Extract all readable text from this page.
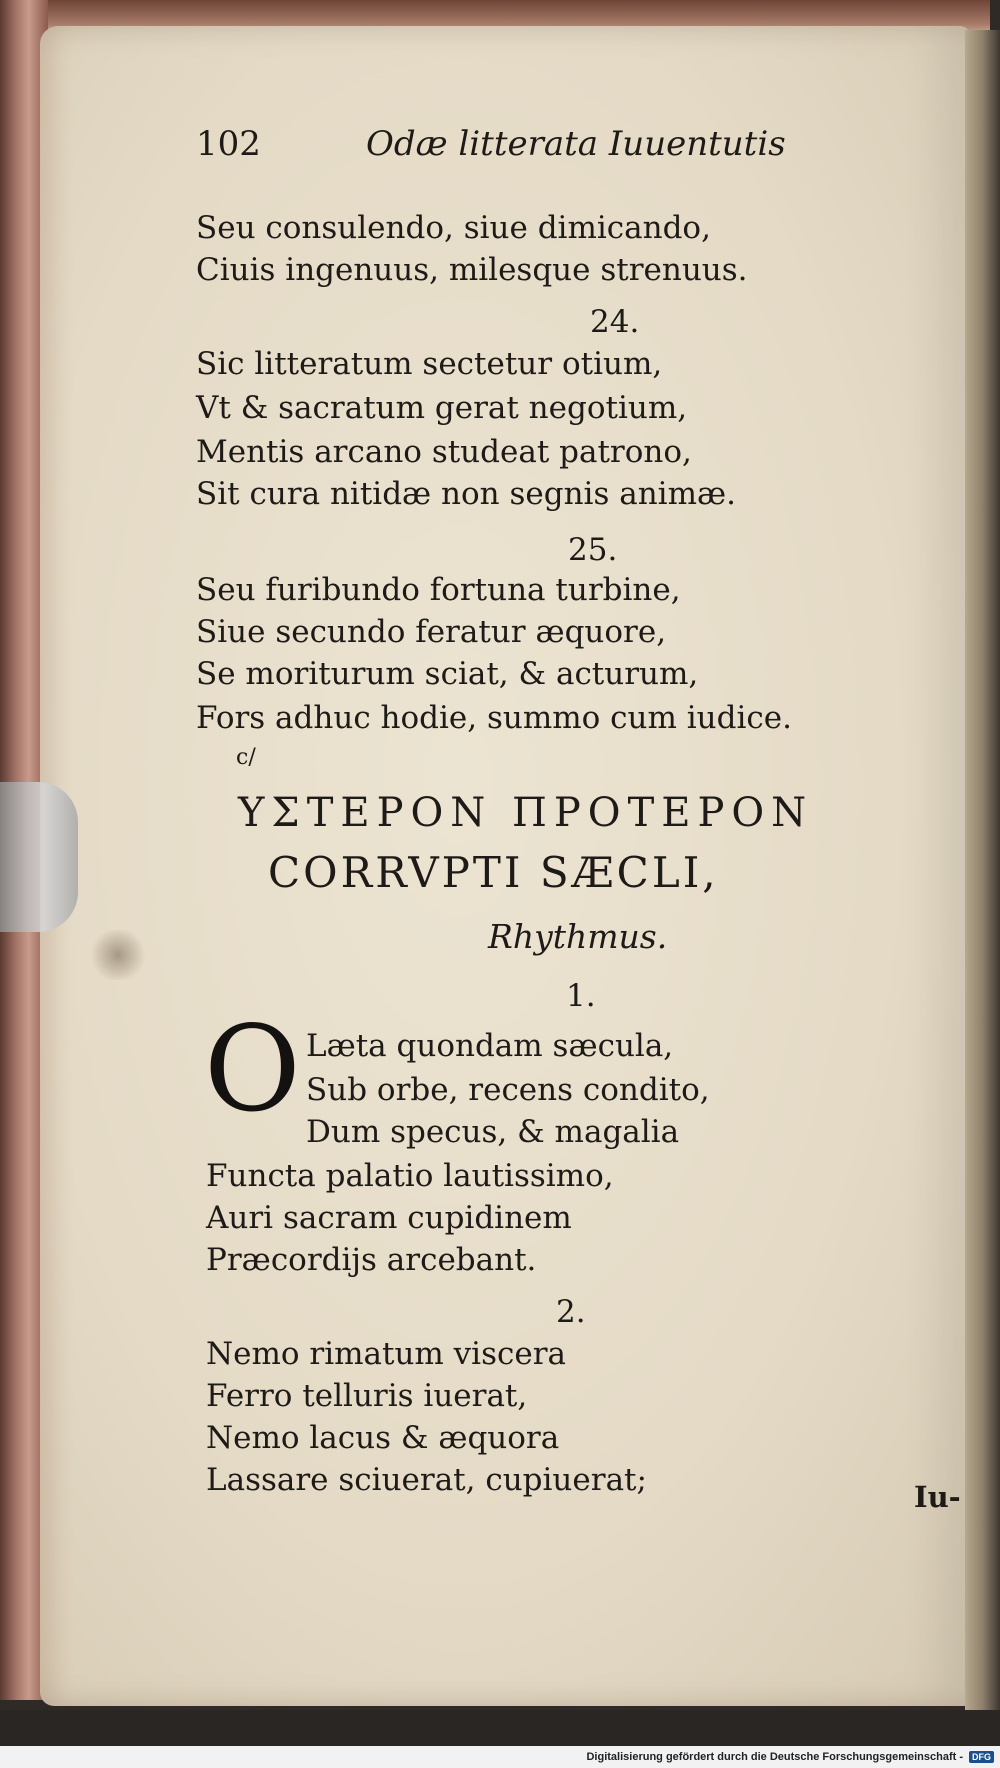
102	Odæ litterata Iuuentutis
Seu consulendo, siue dimicando,
Ciuis ingenuus, milesque strenuus.
24.
Sic litteratum sectetur otium,
Vt & sacratum gerat negotium,
Mentis arcano studeat patrono,
Sit cura nitidæ non segnis animæ.
25.
Seu furibundo fortuna turbine,
Siue secundo feratur æquore,
Se moriturum sciat, & acturum,
Fors adhuc hodie, summo cum iudice.
c/
ΥΣΤΕΡΟΝ ΠΡΟΤΕΡΟΝ
CORRVPTI SÆCLI,
Rhythmus.
1.
O Læta quondam sæcula,
Sub orbe, recens condito,
Dum specus, & magalia
Functa palatio lautissimo,
Auri sacram cupidinem
Præcordijs arcebant.
2.
Nemo rimatum viscera
Ferro telluris iuerat,
Nemo lacus & æquora
Lassare sciuerat, cupiuerat;	Iu-
Digitalisierung gefördert durch die Deutsche Forschungsgemeinschaft -	DFG
